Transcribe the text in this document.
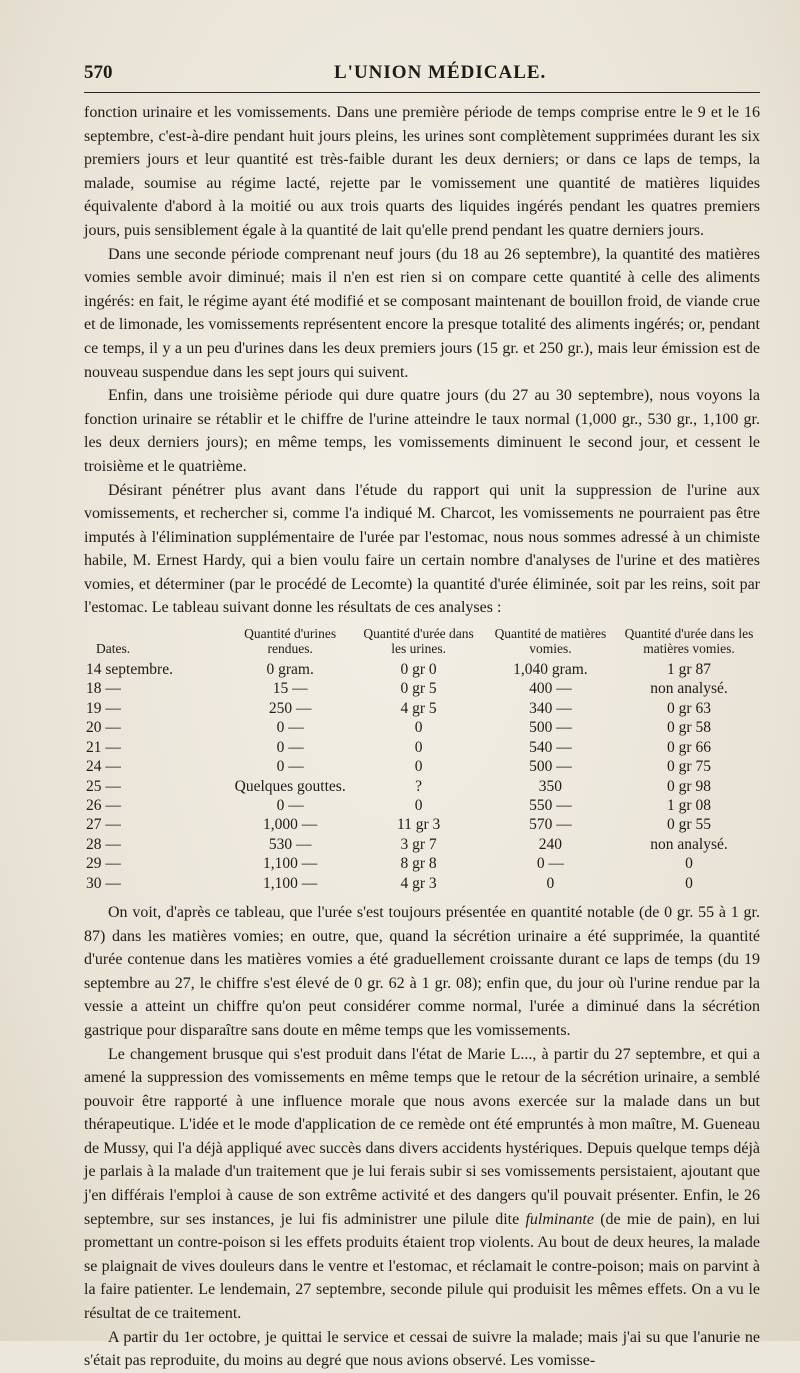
570	L'UNION MÉDICALE.

fonction urinaire et les vomissements. Dans une première période de temps comprise entre le 9 et le 16 septembre, c'est-à-dire pendant huit jours pleins, les urines sont complètement supprimées durant les six premiers jours et leur quantité est très-faible durant les deux derniers; or dans ce laps de temps, la malade, soumise au régime lacté, rejette par le vomissement une quantité de matières liquides équivalente d'abord à la moitié ou aux trois quarts des liquides ingérés pendant les quatres premiers jours, puis sensiblement égale à la quantité de lait qu'elle prend pendant les quatre derniers jours.

Dans une seconde période comprenant neuf jours (du 18 au 26 septembre), la quantité des matières vomies semble avoir diminué; mais il n'en est rien si on compare cette quantité à celle des aliments ingérés: en fait, le régime ayant été modifié et se composant maintenant de bouillon froid, de viande crue et de limonade, les vomissements représentent encore la presque totalité des aliments ingérés; or, pendant ce temps, il y a un peu d'urines dans les deux premiers jours (15 gr. et 250 gr.), mais leur émission est de nouveau suspendue dans les sept jours qui suivent.

Enfin, dans une troisième période qui dure quatre jours (du 27 au 30 septembre), nous voyons la fonction urinaire se rétablir et le chiffre de l'urine atteindre le taux normal (1,000 gr., 530 gr., 1,100 gr. les deux derniers jours); en même temps, les vomissements diminuent le second jour, et cessent le troisième et le quatrième.

Désirant pénétrer plus avant dans l'étude du rapport qui unit la suppression de l'urine aux vomissements, et rechercher si, comme l'a indiqué M. Charcot, les vomissements ne pourraient pas être imputés à l'élimination supplémentaire de l'urée par l'estomac, nous nous sommes adressé à un chimiste habile, M. Ernest Hardy, qui a bien voulu faire un certain nombre d'analyses de l'urine et des matières vomies, et déterminer (par le procédé de Lecomte) la quantité d'urée éliminée, soit par les reins, soit par l'estomac. Le tableau suivant donne les résultats de ces analyses :

Dates.	Quantité d'urines rendues.	Quantité d'urée dans les urines.	Quantité de matières vomies.	Quantité d'urée dans les matières vomies.
14 septembre.	0 gram.	0 gr 0	1,040 gram.	1 gr 87
18 —	15 —	0 gr 5	400 —	non analysé.
19 —	250 —	4 gr 5	340 —	0 gr 63
20 —	0 —	0	500 —	0 gr 58
21 —	0 —	0	540 —	0 gr 66
24 —	0 —	0	500 —	0 gr 75
25 —	Quelques gouttes.	?	350	0 gr 98
26 —	0 —	0	550 —	1 gr 08
27 —	1,000 —	11 gr 3	570 —	0 gr 55
28 —	530 —	3 gr 7	240	non analysé.
29 —	1,100 —	8 gr 8	0 —	0
30 —	1,100 —	4 gr 3	0	0

On voit, d'après ce tableau, que l'urée s'est toujours présentée en quantité notable (de 0 gr. 55 à 1 gr. 87) dans les matières vomies; en outre, que, quand la sécrétion urinaire a été supprimée, la quantité d'urée contenue dans les matières vomies a été graduellement croissante durant ce laps de temps (du 19 septembre au 27, le chiffre s'est élevé de 0 gr. 62 à 1 gr. 08); enfin que, du jour où l'urine rendue par la vessie a atteint un chiffre qu'on peut considérer comme normal, l'urée a diminué dans la sécrétion gastrique pour disparaître sans doute en même temps que les vomissements.

Le changement brusque qui s'est produit dans l'état de Marie L..., à partir du 27 septembre, et qui a amené la suppression des vomissements en même temps que le retour de la sécrétion urinaire, a semblé pouvoir être rapporté à une influence morale que nous avons exercée sur la malade dans un but thérapeutique. L'idée et le mode d'application de ce remède ont été empruntés à mon maître, M. Gueneau de Mussy, qui l'a déjà appliqué avec succès dans divers accidents hystériques. Depuis quelque temps déjà je parlais à la malade d'un traitement que je lui ferais subir si ses vomissements persistaient, ajoutant que j'en différais l'emploi à cause de son extrême activité et des dangers qu'il pouvait présenter. Enfin, le 26 septembre, sur ses instances, je lui fis administrer une pilule dite fulminante (de mie de pain), en lui promettant un contre-poison si les effets produits étaient trop violents. Au bout de deux heures, la malade se plaignait de vives douleurs dans le ventre et l'estomac, et réclamait le contre-poison; mais on parvint à la faire patienter. Le lendemain, 27 septembre, seconde pilule qui produisit les mêmes effets. On a vu le résultat de ce traitement.

A partir du 1er octobre, je quittai le service et cessai de suivre la malade; mais j'ai su que l'anurie ne s'était pas reproduite, du moins au degré que nous avions observé. Les vomisse-
